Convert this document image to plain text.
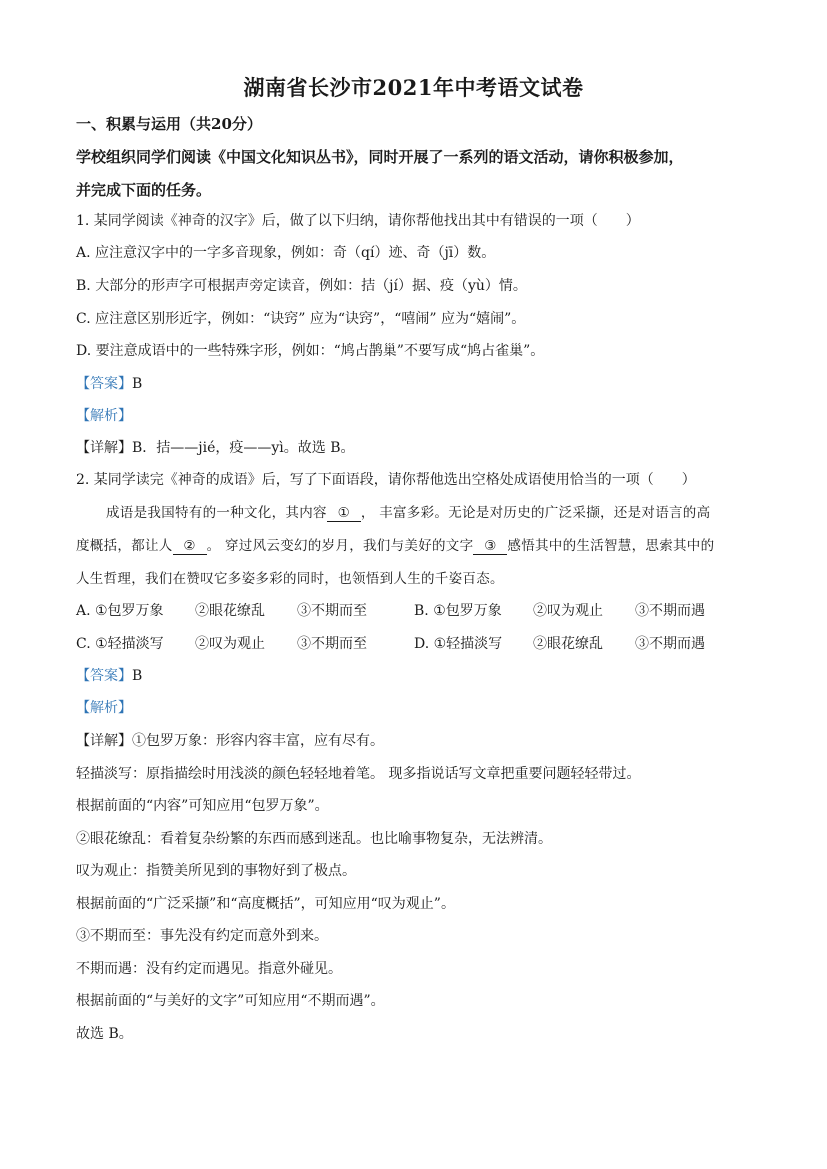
湖南省长沙市2021年中考语文试卷
一、积累与运用（共20分）
学校组织同学们阅读《中国文化知识丛书》，同时开展了一系列的语文活动，请你积极参加，
并完成下面的任务。
1. 某同学阅读《神奇的汉字》后，做了以下归纳，请你帮他找出其中有错误的一项（　　）
A. 应注意汉字中的一字多音现象，例如：奇（qí）迹、奇（jī）数。
B. 大部分的形声字可根据声旁定读音，例如：拮（jí）据、疫（yù）情。
C. 应注意区别形近字，例如：“诀窍” 应为“诀窍”，“嘻闹” 应为“嬉闹”。
D. 要注意成语中的一些特殊字形，例如：“鸠占鹊巢”不要写成“鸠占雀巢”。
【答案】B
【解析】
【详解】B．拮——jié，疫——yì。故选 B。
2. 某同学读完《神奇的成语》后，写了下面语段，请你帮他选出空格处成语使用恰当的一项（　　）
成语是我国特有的一种文化，其内容 ① ， 丰富多彩。无论是对历史的广泛采撷，还是对语言的高
度概括，都让人 ② 。 穿过风云变幻的岁月，我们与美好的文字 ③ 感悟其中的生活智慧，思索其中的
人生哲理，我们在赞叹它多姿多彩的同时，也领悟到人生的千姿百态。
A. ①包罗万象 ②眼花缭乱 ③不期而至	B. ①包罗万象 ②叹为观止 ③不期而遇
C. ①轻描淡写 ②叹为观止 ③不期而至	D. ①轻描淡写 ②眼花缭乱 ③不期而遇
【答案】B
【解析】
【详解】①包罗万象：形容内容丰富，应有尽有。
轻描淡写：原指描绘时用浅淡的颜色轻轻地着笔。 现多指说话写文章把重要问题轻轻带过。
根据前面的“内容”可知应用“包罗万象”。
②眼花缭乱：看着复杂纷繁的东西而感到迷乱。也比喻事物复杂，无法辨清。
叹为观止：指赞美所见到的事物好到了极点。
根据前面的“广泛采撷”和“高度概括”，可知应用“叹为观止”。
③不期而至：事先没有约定而意外到来。
不期而遇：没有约定而遇见。指意外碰见。
根据前面的“与美好的文字”可知应用“不期而遇”。
故选 B。
